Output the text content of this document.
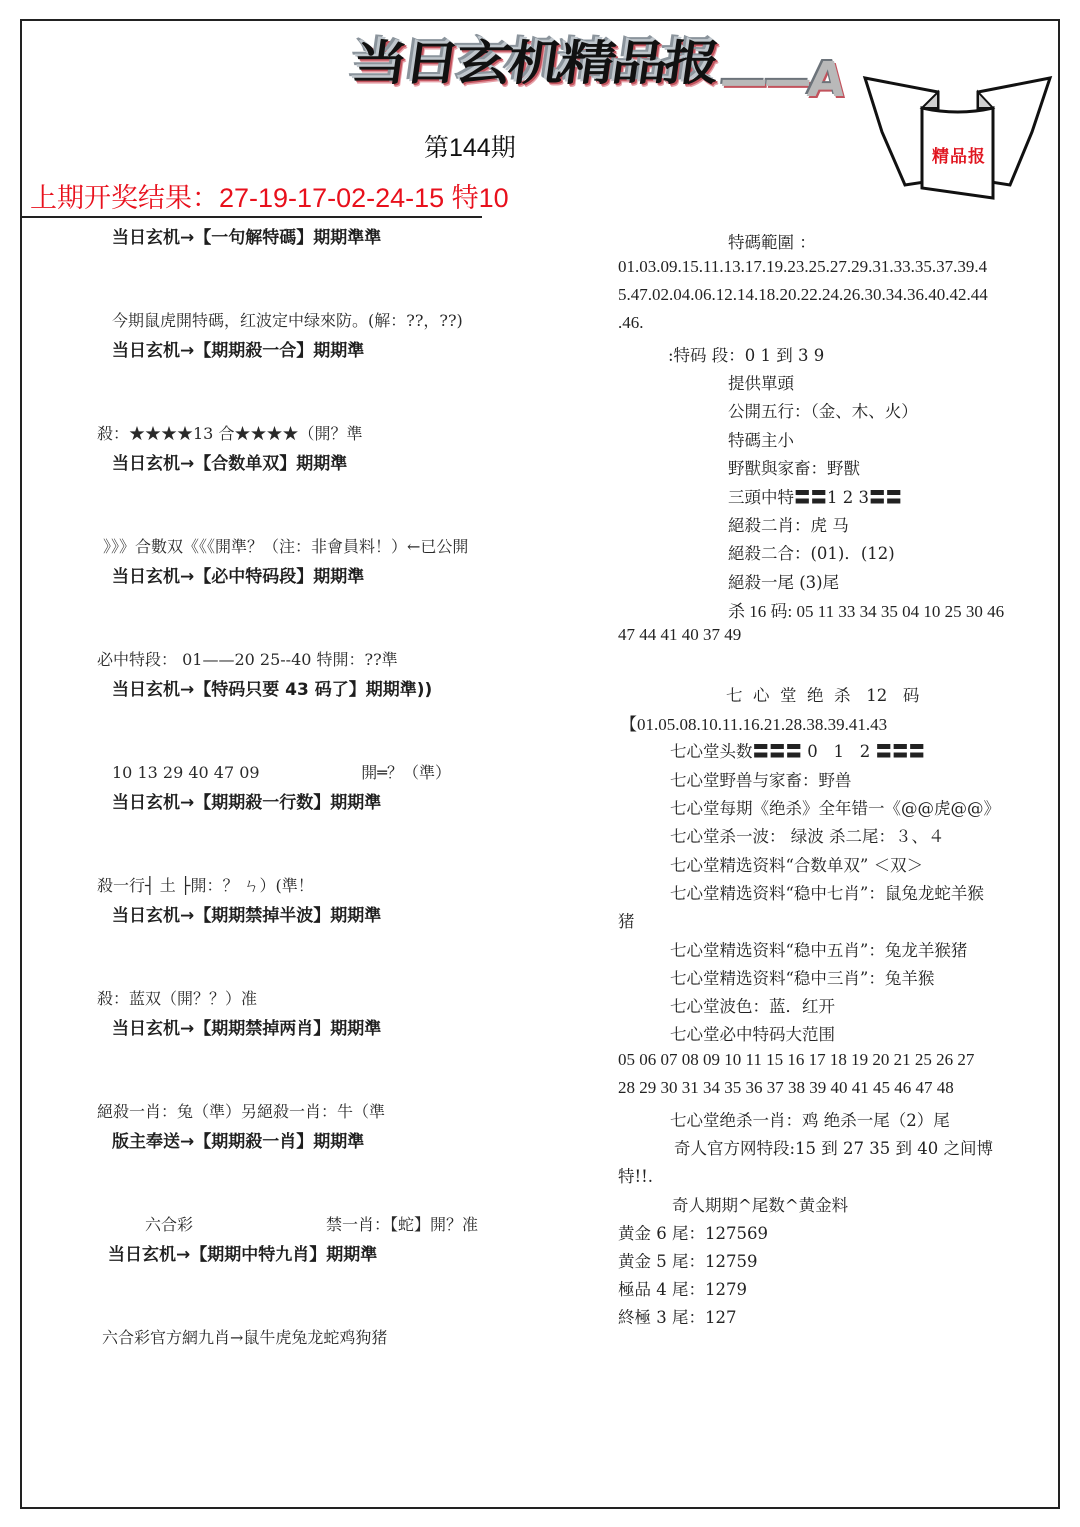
当日玄机精品报
——A
精品报
第144期
上期开奖结果：27-19-17-02-24-15 特10
当日玄机→【一句解特碼】期期準準
今期鼠虎開特碼，红波定中绿來防。(解：??，??)
当日玄机→【期期殺一合】期期準
殺：★★★★13 合★★★★（開？準
当日玄机→【合数单双】期期準
》》》合數双《《《開準？（注：非會員料！）←已公開
当日玄机→【必中特码段】期期準
必中特段： 01——20 25--40 特開：??準
当日玄机→【特码只要 43 码了】期期準))
10 13 29 40 47 09                    開═？（準）
当日玄机→【期期殺一行数】期期準
殺一行┤ 土 ├開：？ ㄣ）(準！
当日玄机→【期期禁掉半波】期期準
殺：蓝双（開？？）准
当日玄机→【期期禁掉两肖】期期準
絕殺一肖：兔（準）另絕殺一肖：牛（準
版主奉送→【期期殺一肖】期期準
六合彩	禁一肖：【蛇】開？准
当日玄机→【期期中特九肖】期期準
六合彩官方網九肖→鼠牛虎兔龙蛇鸡狗猪
特碼範圍 ：
01.03.09.15.11.13.17.19.23.25.27.29.31.33.35.37.39.4
5.47.02.04.06.12.14.18.20.22.24.26.30.34.36.40.42.44
.46.
:特码 段：0 1 到 3 9
提供單頭
公開五行：（金、木、火）
特碼主小
野獸與家畜：野獸
三頭中特〓〓1 2 3〓〓
絕殺二肖：虎 马
絕殺二合：(01)．(12)
絕殺一尾 (3)尾
杀 16 码: 05 11 33 34 35 04 10 25 30 46
47 44 41 40 37 49
七  心  堂  绝  杀   12   码
【01.05.08.10.11.16.21.28.38.39.41.43
七心堂头数〓〓〓 0   1   2 〓〓〓
七心堂野兽与家畜：野兽
七心堂每期《绝杀》全年错一《@@虎@@》
七心堂杀一波： 绿波 杀二尾：３、４
七心堂精选资料“合数单双” ＜双＞
七心堂精选资料“稳中七肖”：鼠兔龙蛇羊猴
猪
七心堂精选资料“稳中五肖”：兔龙羊猴猪
七心堂精选资料“稳中三肖”：兔羊猴
七心堂波色：蓝．红开
七心堂必中特码大范围
05 06 07 08 09 10 11 15 16 17 18 19 20 21 25 26 27
28 29 30 31 34 35 36 37 38 39 40 41 45 46 47 48
七心堂绝杀一肖：鸡 绝杀一尾（2）尾
奇人官方网特段:15 到 27 35 到 40 之间博
特!!.
奇人期期^尾数^黄金料
黄金 6 尾：127569
黄金 5 尾：12759
極品 4 尾：1279
終極 3 尾：127
